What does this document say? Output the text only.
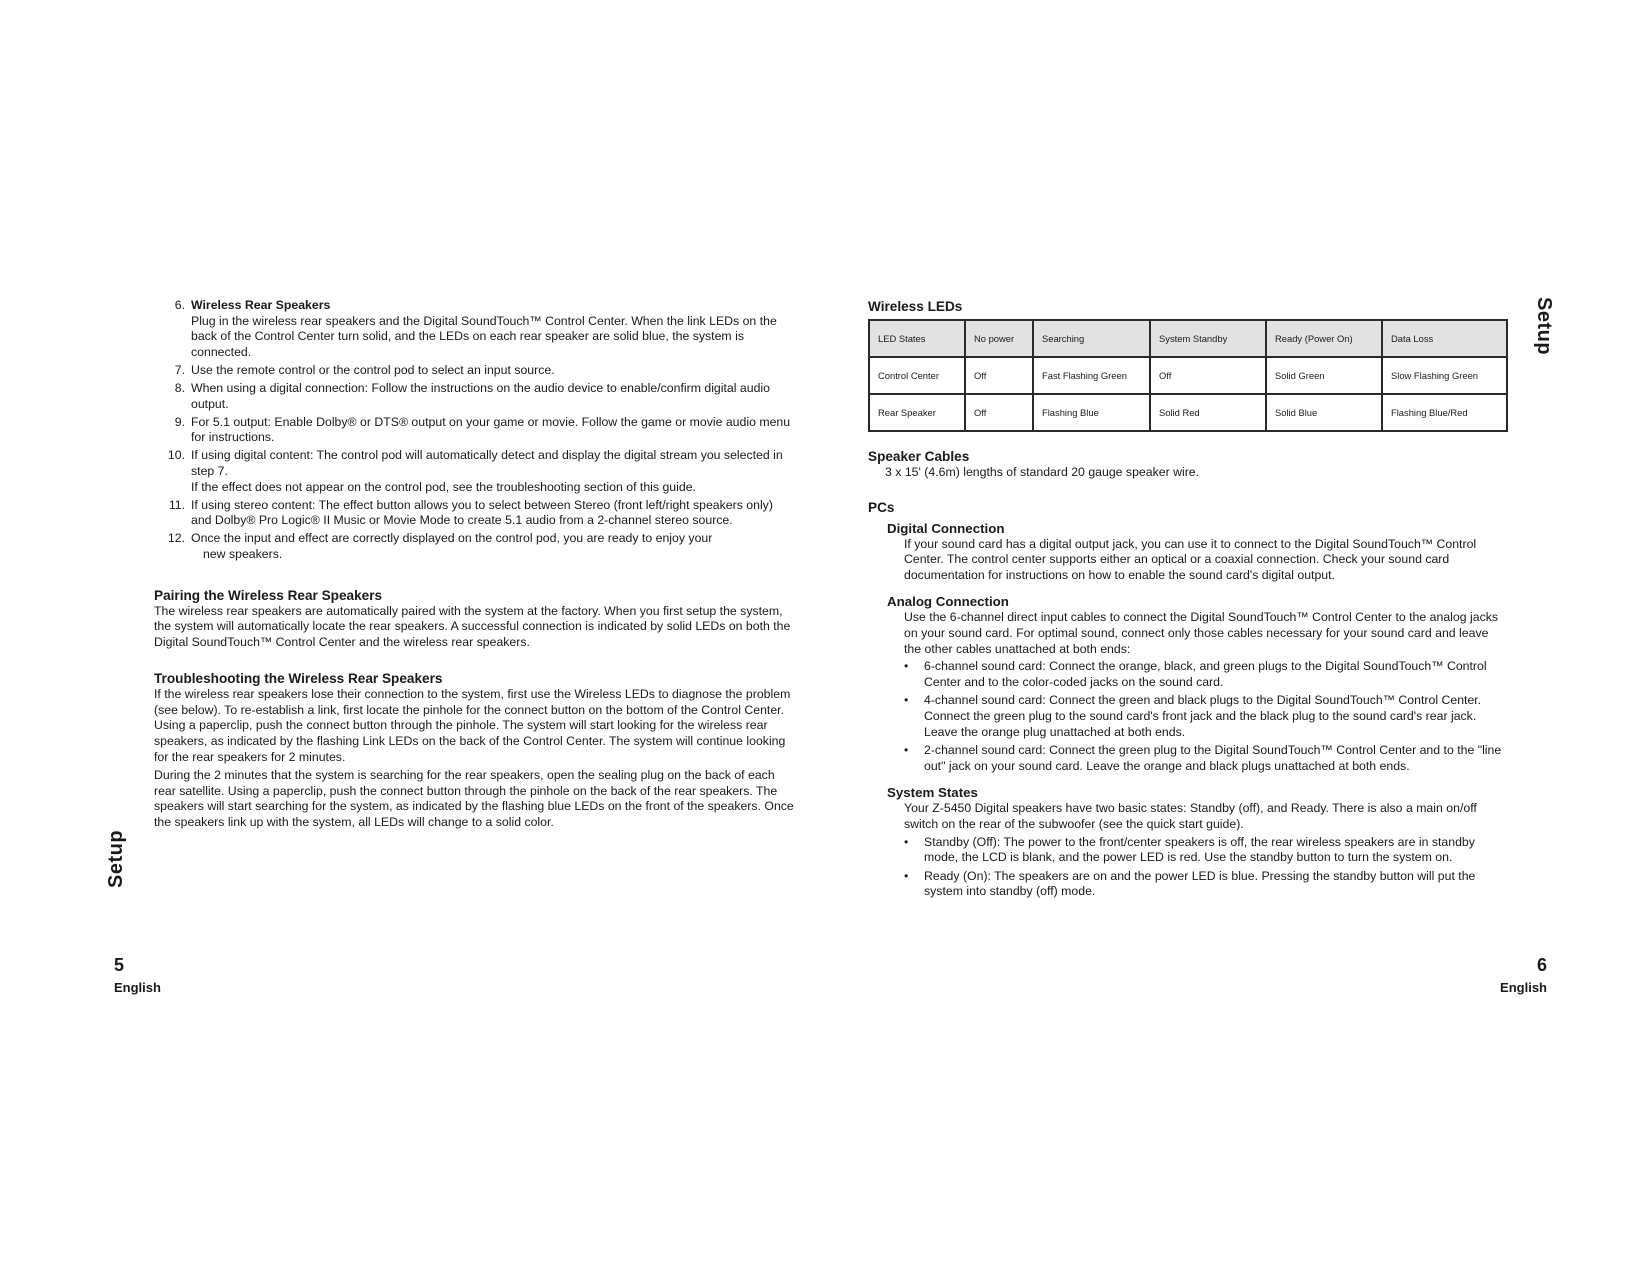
6. Wireless Rear Speakers
Plug in the wireless rear speakers and the Digital SoundTouch™ Control Center. When the link LEDs on the back of the Control Center turn solid, and the LEDs on each rear speaker are solid blue, the system is connected.
7. Use the remote control or the control pod to select an input source.
8. When using a digital connection: Follow the instructions on the audio device to enable/confirm digital audio output.
9. For 5.1 output: Enable Dolby® or DTS® output on your game or movie. Follow the game or movie audio menu for instructions.
10. If using digital content: The control pod will automatically detect and display the digital stream you selected in step 7.
If the effect does not appear on the control pod, see the troubleshooting section of this guide.
11. If using stereo content: The effect button allows you to select between Stereo (front left/right speakers only) and Dolby® Pro Logic® II Music or Movie Mode to create 5.1 audio from a 2-channel stereo source.
12. Once the input and effect are correctly displayed on the control pod, you are ready to enjoy your
new speakers.
Pairing the Wireless Rear Speakers

The wireless rear speakers are automatically paired with the system at the factory. When you first setup the system, the system will automatically locate the rear speakers. A successful connection is indicated by solid LEDs on both the Digital SoundTouch™ Control Center and the wireless rear speakers.

Troubleshooting the Wireless Rear Speakers

If the wireless rear speakers lose their connection to the system, first use the Wireless LEDs to diagnose the problem (see below). To re-establish a link, first locate the pinhole for the connect button on the bottom of the Control Center. Using a paperclip, push the connect button through the pinhole. The system will start looking for the wireless rear speakers, as indicated by the flashing Link LEDs on the back of the Control Center. The system will continue looking for the rear speakers for 2 minutes.

During the 2 minutes that the system is searching for the rear speakers, open the sealing plug on the back of each rear satellite. Using a paperclip, push the connect button through the pinhole on the back of the rear speakers. The speakers will start searching for the system, as indicated by the flashing blue LEDs on the front of the speakers. Once the speakers link up with the system, all LEDs will change to a solid color.

Setup
5
English
Setup
6
English
Wireless LEDs
LED States	No power	Searching	System Standby	Ready (Power On)	Data Loss
Control Center	Off	Fast Flashing Green	Off	Solid Green	Slow Flashing Green
Rear Speaker	Off	Flashing Blue	Solid Red	Solid Blue	Flashing Blue/Red
Speaker Cables
3 x 15' (4.6m) lengths of standard 20 gauge speaker wire.
PCs
Digital Connection
If your sound card has a digital output jack, you can use it to connect to the Digital SoundTouch™ Control Center. The control center supports either an optical or a coaxial connection. Check your sound card documentation for instructions on how to enable the sound card's digital output.
Analog Connection
Use the 6-channel direct input cables to connect the Digital SoundTouch™ Control Center to the analog jacks on your sound card. For optimal sound, connect only those cables necessary for your sound card and leave the other cables unattached at both ends:
• 6-channel sound card: Connect the orange, black, and green plugs to the Digital SoundTouch™ Control Center and to the color-coded jacks on the sound card.
• 4-channel sound card: Connect the green and black plugs to the Digital SoundTouch™ Control Center. Connect the green plug to the sound card's front jack and the black plug to the sound card's rear jack. Leave the orange plug unattached at both ends.
• 2-channel sound card: Connect the green plug to the Digital SoundTouch™ Control Center and to the "line out" jack on your sound card. Leave the orange and black plugs unattached at both ends.
System States
Your Z-5450 Digital speakers have two basic states: Standby (off), and Ready. There is also a main on/off switch on the rear of the subwoofer (see the quick start guide).
• Standby (Off): The power to the front/center speakers is off, the rear wireless speakers are in standby mode, the LCD is blank, and the power LED is red. Use the standby button to turn the system on.
• Ready (On): The speakers are on and the power LED is blue. Pressing the standby button will put the system into standby (off) mode.
